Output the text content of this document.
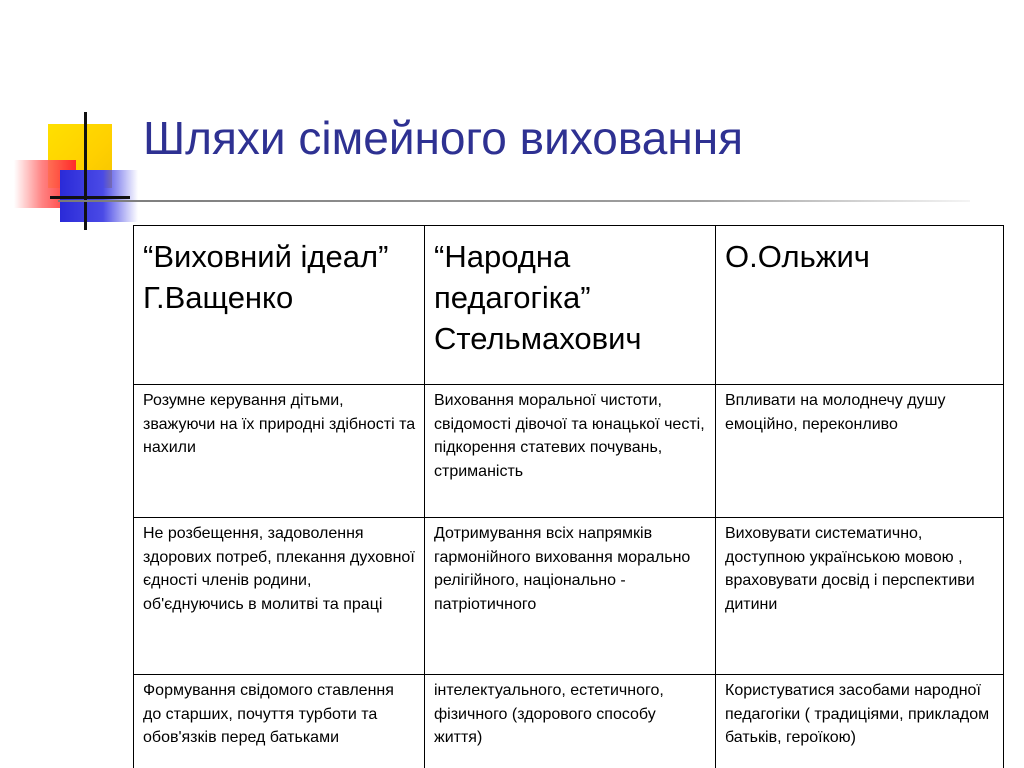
Шляхи сімейного виховання
“Виховний ідеал” Г.Ващенко	“Народна педагогіка” Стельмахович	О.Ольжич
Розумне керування дітьми, зважуючи на їх природні здібності та нахили	Виховання моральної чистоти, свідомості дівочої та юнацької честі, підкорення статевих почувань, стриманість	Впливати на молоднечу душу емоційно, переконливо
Не розбещення, задоволення здорових потреб, плекання духовної єдності членів родини, об'єднуючись в молитві та праці	Дотримування всіх напрямків гармонійного виховання морально релігійного, національно - патріотичного	Виховувати систематично, доступною українською мовою , враховувати досвід і перспективи дитини
Формування свідомого ставлення до старших, почуття турботи та обов'язків перед батьками	інтелектуального, естетичного, фізичного (здорового способу життя)	Користуватися засобами народної педагогіки ( традиціями, прикладом батьків, героїкою)
